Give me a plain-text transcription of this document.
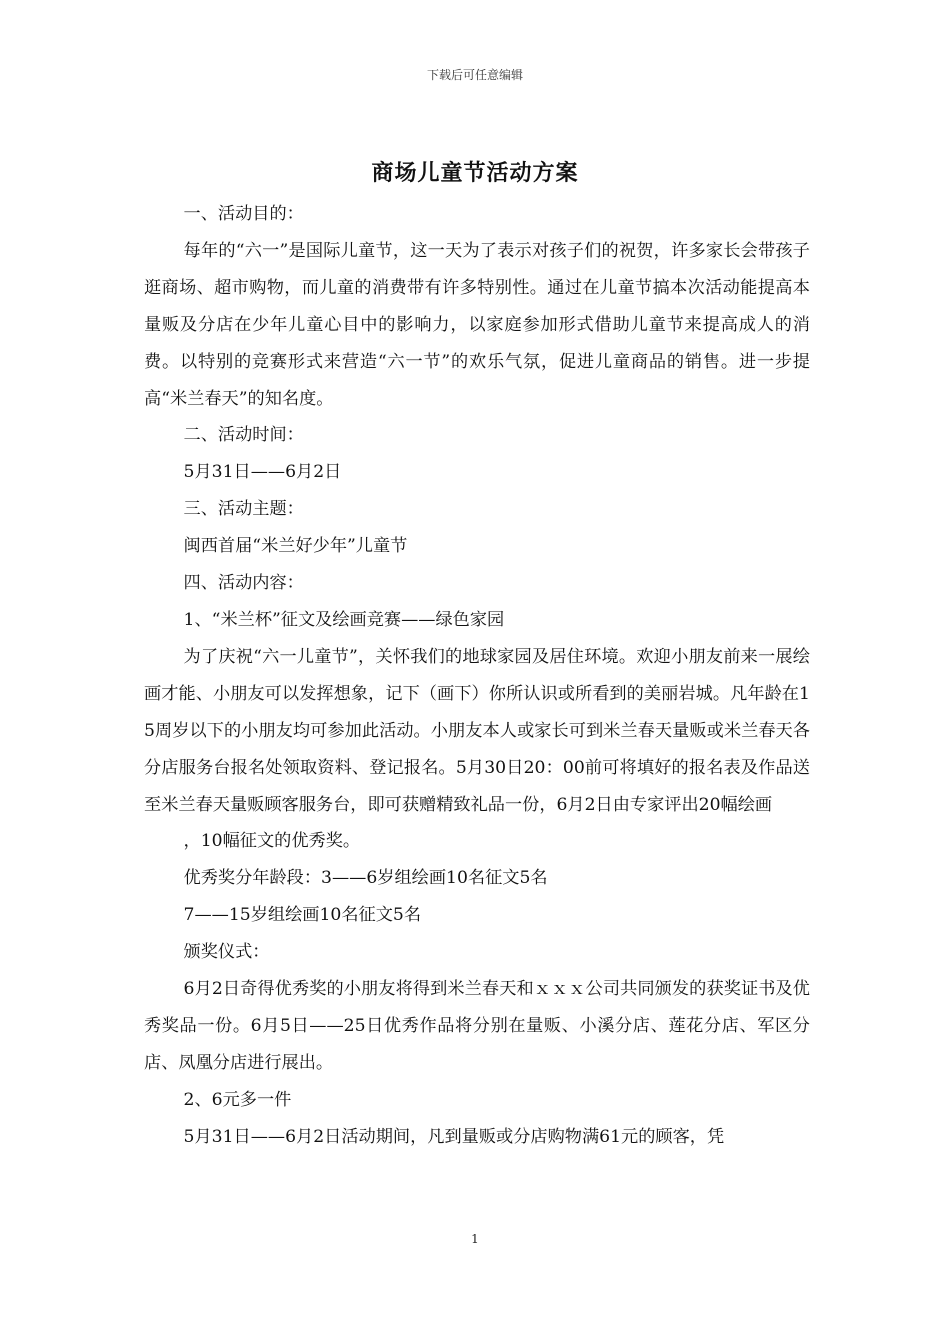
下载后可任意编辑
商场儿童节活动方案

一、活动目的：

每年的“六一”是国际儿童节，这一天为了表示对孩子们的祝贺，许多家长会带孩子逛商场、超市购物，而儿童的消费带有许多特别性。通过在儿童节搞本次活动能提高本量贩及分店在少年儿童心目中的影响力，以家庭参加形式借助儿童节来提高成人的消费。以特别的竞赛形式来营造“六一节”的欢乐气氛，促进儿童商品的销售。进一步提高“米兰春天”的知名度。

二、活动时间：

5月31日——6月2日

三、活动主题：

闽西首届“米兰好少年”儿童节

四、活动内容：

1、“米兰杯”征文及绘画竞赛——绿色家园

为了庆祝“六一儿童节”，关怀我们的地球家园及居住环境。欢迎小朋友前来一展绘画才能、小朋友可以发挥想象，记下（画下）你所认识或所看到的美丽岩城。凡年龄在15周岁以下的小朋友均可参加此活动。小朋友本人或家长可到米兰春天量贩或米兰春天各分店服务台报名处领取资料、登记报名。5月30日20：00前可将填好的报名表及作品送至米兰春天量贩顾客服务台，即可获赠精致礼品一份，6月2日由专家评出20幅绘画

，10幅征文的优秀奖。

优秀奖分年龄段：3——6岁组绘画10名征文5名

7——15岁组绘画10名征文5名

颁奖仪式：

6月2日奇得优秀奖的小朋友将得到米兰春天和ｘｘｘ公司共同颁发的获奖证书及优秀奖品一份。6月5日——25日优秀作品将分别在量贩、小溪分店、莲花分店、军区分店、凤凰分店进行展出。

2、6元多一件

5月31日——6月2日活动期间，凡到量贩或分店购物满61元的顾客，凭

1
